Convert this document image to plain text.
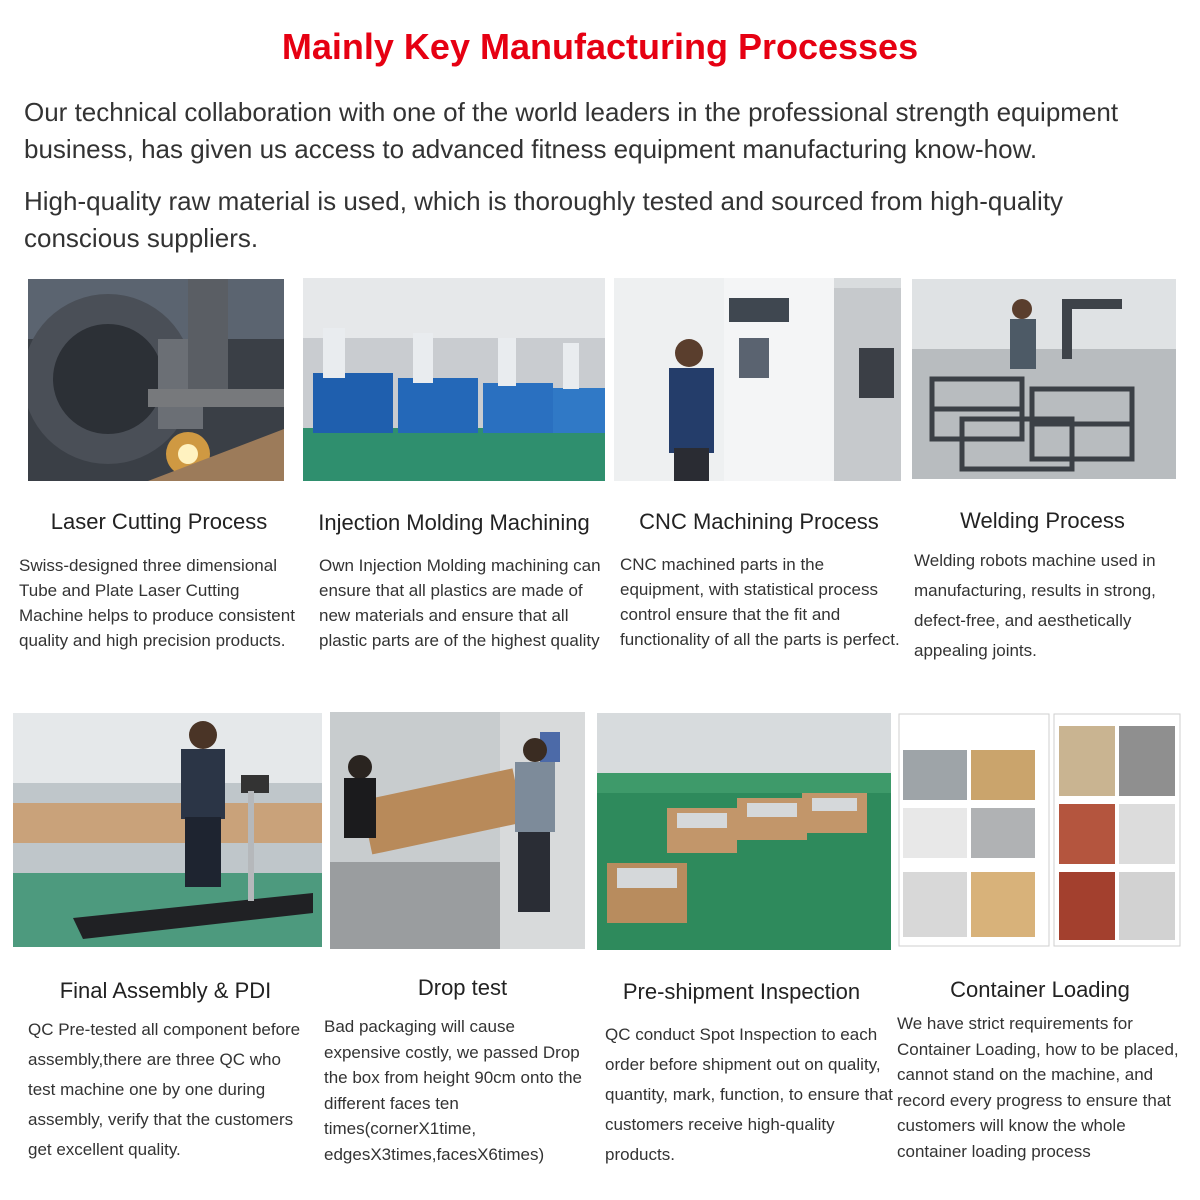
Mainly Key Manufacturing Processes
Our technical collaboration with one of the world leaders in the professional strength equipment business, has given us access to advanced fitness equipment manufacturing know-how.
High-quality raw material is used, which is thoroughly tested and sourced from high-quality conscious suppliers.
Laser Cutting Process	Injection Molding Machining	CNC Machining Process	Welding Process
Swiss-designed three dimensional Tube and Plate Laser Cutting Machine helps to produce consistent quality and high precision products.
Own Injection Molding machining can ensure that all plastics are made of new materials and ensure that all plastic parts are of the highest quality
CNC machined parts in the equipment, with statistical process control ensure that the fit and functionality of all the parts is perfect.
Welding robots machine used in manufacturing, results in strong, defect-free, and aesthetically appealing joints.
Final Assembly & PDI	Drop test	Pre-shipment Inspection	Container Loading
QC Pre-tested all component before assembly,there are three QC who test machine one by one during assembly, verify that the customers get excellent quality.
Bad packaging will cause expensive costly, we passed Drop the box from height 90cm onto the different faces ten times(cornerX1time, edgesX3times,facesX6times)
QC conduct Spot Inspection to each order before shipment out on quality, quantity, mark, function, to ensure that customers receive high-quality products.
We have strict requirements for Container Loading, how to be placed, cannot stand on the machine, and record every progress to ensure that customers will know the whole container loading process
